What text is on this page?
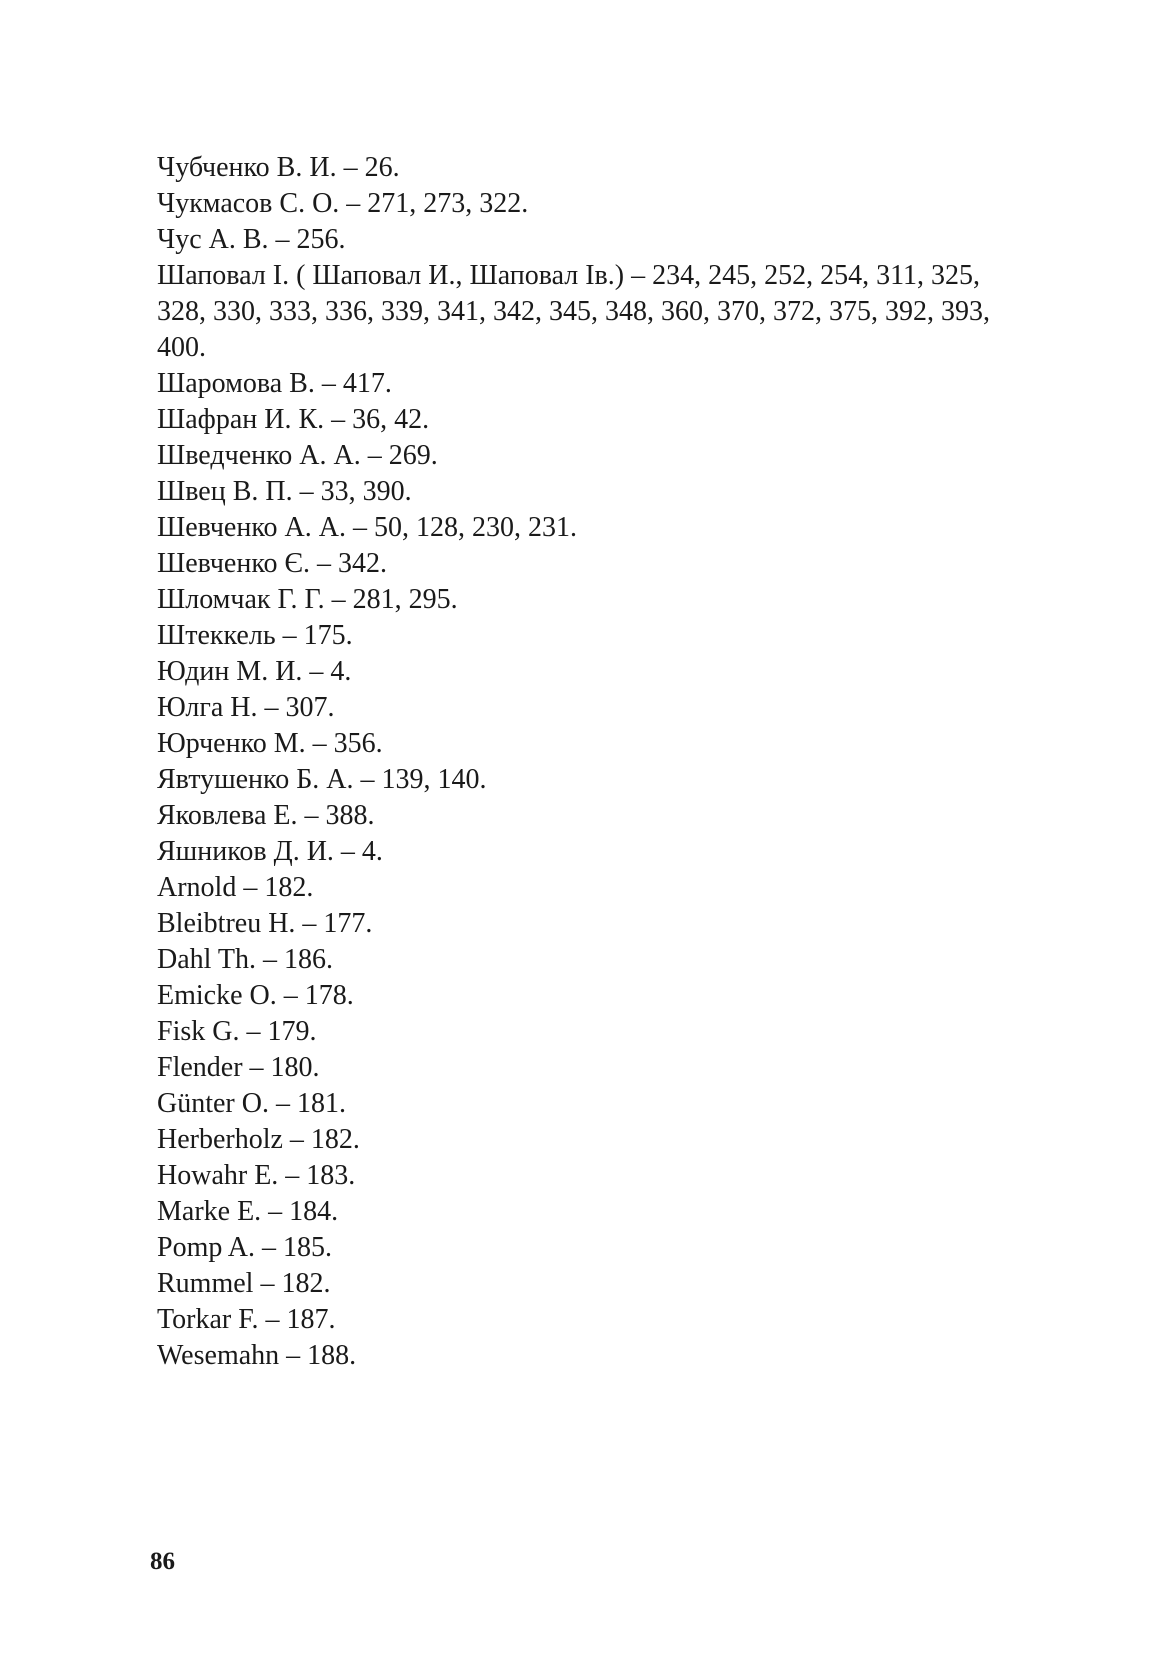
Чубченко В. И. – 26.
Чукмасов С. О. – 271, 273, 322.
Чус А. В. – 256.
Шаповал І. ( Шаповал И., Шаповал Ів.) – 234, 245, 252, 254, 311, 325, 328, 330, 333, 336, 339, 341, 342, 345, 348, 360, 370, 372, 375, 392, 393, 400.
Шаромова В. – 417.
Шафран И. К. – 36, 42.
Шведченко А. А. – 269.
Швец В. П. – 33, 390.
Шевченко А. А. – 50, 128, 230, 231.
Шевченко Є. – 342.
Шломчак Г. Г. – 281, 295.
Штеккель – 175.
Юдин М. И. – 4.
Юлга Н. – 307.
Юрченко М. – 356.
Явтушенко Б. А. – 139, 140.
Яковлева Е. – 388.
Яшников Д. И. – 4.
Arnold – 182.
Bleibtreu H. – 177.
Dahl Th. – 186.
Emicke O. – 178.
Fisk G. – 179.
Flender – 180.
Günter O. – 181.
Herberholz – 182.
Howahr E. – 183.
Marke E. – 184.
Pomp A. – 185.
Rummel – 182.
Torkar F. – 187.
Wesemahn – 188.
86
